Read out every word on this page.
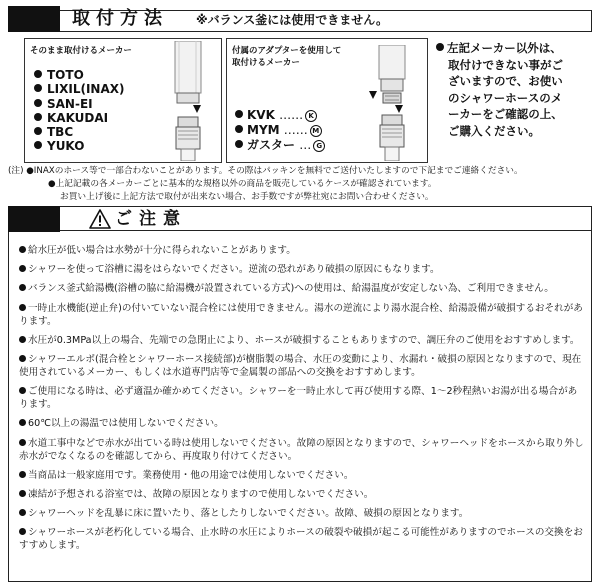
取付方法 ※バランス釜には使用できません。
そのまま取付けるメーカー
TOTO
LIXIL(INAX)
SAN-EI
KAKUDAI
TBC
YUKO
付属のアダプターを使用して
取付けるメーカー
KVK …… K
MYM …… M
ガスター … G
左記メーカー以外は、
取付けできない事がご
ざいますので、お使い
のシャワーホースのメ
ーカーをご確認の上、
ご購入ください。
(注) ●INAXのホース等で一部合わないことがあります。その際はパッキンを無料でご送付いたしますので下記までご連絡ください。
●上記記載の各メーカーごとに基本的な規格以外の商品を販売しているケースが確認されています。
お買い上げ後に上記方法で取付が出来ない場合、お手数ですが弊社宛にお問い合わせください。
ご注意
給水圧が低い場合は水勢が十分に得られないことがあります。
シャワーを使って浴槽に湯をはらないでください。逆流の恐れがあり破損の原因にもなります。
バランス釜式給湯機(浴槽の脇に給湯機が設置されている方式)への使用は、給湯温度が安定しない為、ご利用できません。
一時止水機能(逆止弁)の付いていない混合栓には使用できません。湯水の逆流により湯水混合栓、給湯設備が破損するおそれがあります。
水圧が0.3MPa以上の場合、先端での急閉止により、ホースが破損することもありますので、調圧弁のご使用をおすすめします。
シャワーエルボ(混合栓とシャワーホース接続部)が樹脂製の場合、水圧の変動により、水漏れ・破損の原因となりますので、現在使用されているメーカー、もしくは水道専門店等で金属製の部品への交換をおすすめします。
ご使用になる時は、必ず適温か確かめてください。シャワーを一時止水して再び使用する際、1〜2秒程熱いお湯が出る場合があります。
60℃以上の湯温では使用しないでください。
水道工事中などで赤水が出ている時は使用しないでください。故障の原因となりますので、シャワーヘッドをホースから取り外し赤水がでなくなるのを確認してから、再度取り付けてください。
当商品は一般家庭用です。業務使用・他の用途では使用しないでください。
凍結が予想される浴室では、故障の原因となりますので使用しないでください。
シャワーヘッドを乱暴に床に置いたり、落としたりしないでください。故障、破損の原因となります。
シャワーホースが老朽化している場合、止水時の水圧によりホースの破裂や破損が起こる可能性がありますのでホースの交換をおすすめします。
